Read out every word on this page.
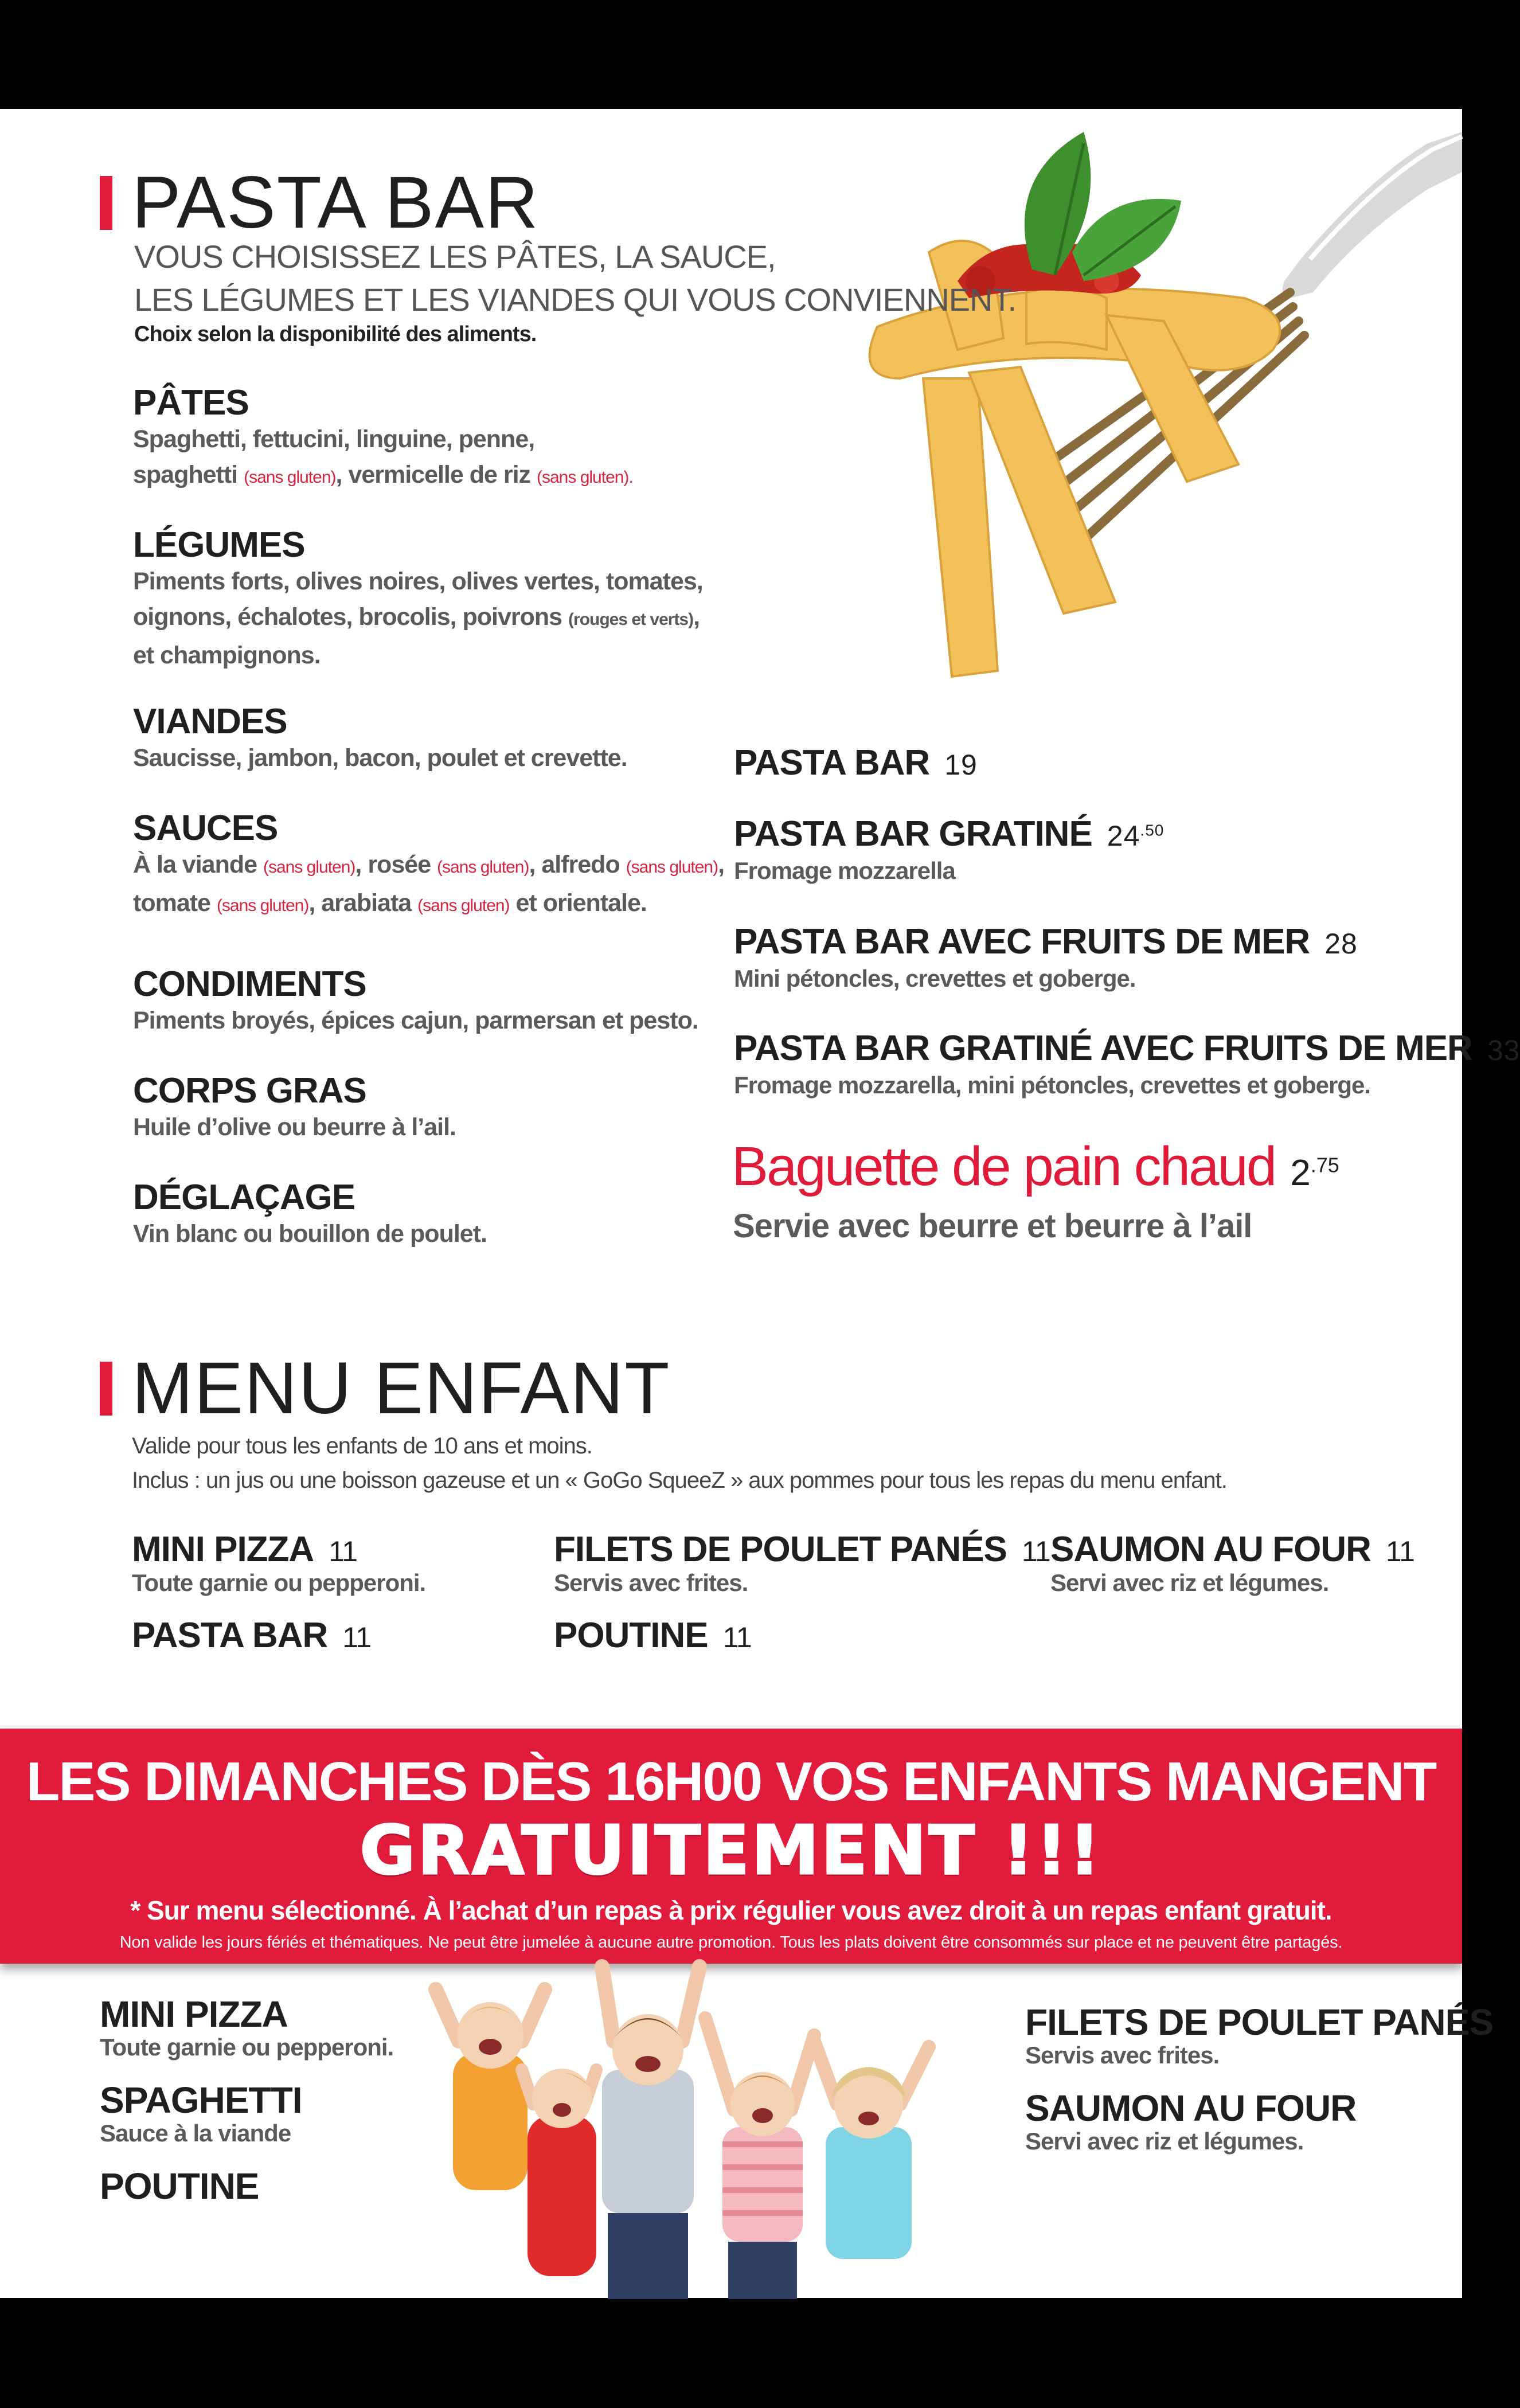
PASTA BAR
VOUS CHOISISSEZ LES PÂTES, LA SAUCE,
LES LÉGUMES ET LES VIANDES QUI VOUS CONVIENNENT.
Choix selon la disponibilité des aliments.
PÂTES
Spaghetti, fettucini, linguine, penne,
spaghetti (sans gluten), vermicelle de riz (sans gluten).
LÉGUMES
Piments forts, olives noires, olives vertes, tomates,
oignons, échalotes, brocolis, poivrons (rouges et verts),
et champignons.
VIANDES
Saucisse, jambon, bacon, poulet et crevette.
SAUCES
À la viande (sans gluten), rosée (sans gluten), alfredo (sans gluten),
tomate (sans gluten), arabiata (sans gluten) et orientale.
CONDIMENTS
Piments broyés, épices cajun, parmersan et pesto.
CORPS GRAS
Huile d’olive ou beurre à l’ail.
DÉGLAÇAGE
Vin blanc ou bouillon de poulet.
PASTA BAR 19
PASTA BAR GRATINÉ $24^{.50}$
Fromage mozzarella
PASTA BAR AVEC FRUITS DE MER 28
Mini pétoncles, crevettes et goberge.
PASTA BAR GRATINÉ AVEC FRUITS DE MER 33
Fromage mozzarella, mini pétoncles, crevettes et goberge.
Baguette de pain chaud $2^{.75}$
Servie avec beurre et beurre à l’ail
MENU ENFANT
Valide pour tous les enfants de 10 ans et moins.
Inclus : un jus ou une boisson gazeuse et un « GoGo SqueeZ » aux pommes pour tous les repas du menu enfant.
MINI PIZZA 11
Toute garnie ou pepperoni.
FILETS DE POULET PANÉS 11
Servis avec frites.
SAUMON AU FOUR 11
Servi avec riz et légumes.
PASTA BAR 11	POUTINE 11
LES DIMANCHES DÈS 16H00 VOS ENFANTS MANGENT
GRATUITEMENT !!!
* Sur menu sélectionné. À l’achat d’un repas à prix régulier vous avez droit à un repas enfant gratuit.
Non valide les jours fériés et thématiques. Ne peut être jumelée à aucune autre promotion. Tous les plats doivent être consommés sur place et ne peuvent être partagés.
MINI PIZZA
Toute garnie ou pepperoni.
SPAGHETTI
Sauce à la viande
POUTINE
FILETS DE POULET PANÉS
Servis avec frites.
SAUMON AU FOUR
Servi avec riz et légumes.
